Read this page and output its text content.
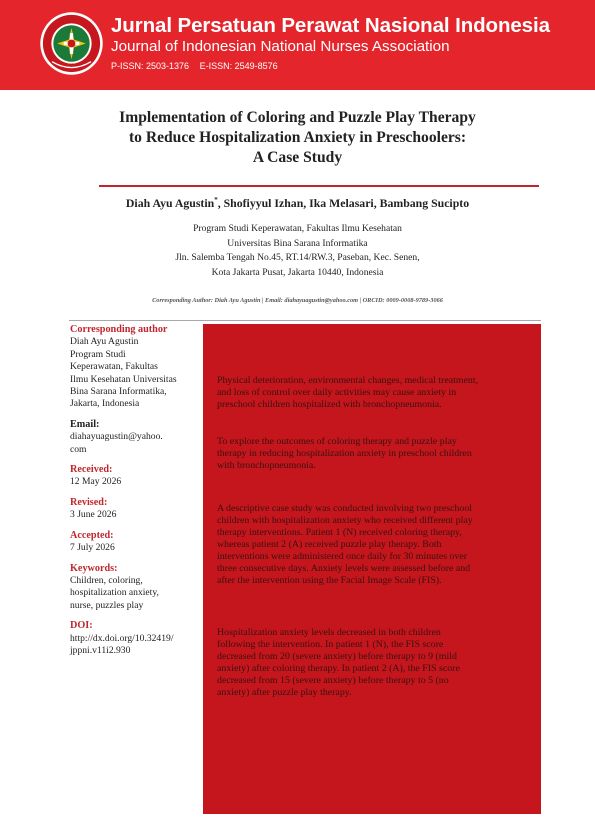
Jurnal Persatuan Perawat Nasional Indonesia
Journal of Indonesian National Nurses Association
P-ISSN: 2503-1376 E-ISSN: 2549-8576
Implementation of Coloring and Puzzle Play Therapy
to Reduce Hospitalization Anxiety in Preschoolers:
A Case Study
Diah Ayu Agustin*, Shofiyyul Izhan, Ika Melasari, Bambang Sucipto
Program Studi Keperawatan, Fakultas Ilmu Kesehatan
Universitas Bina Sarana Informatika
Jln. Salemba Tengah No.45, RT.14/RW.3, Paseban, Kec. Senen,
Kota Jakarta Pusat, Jakarta 10440, Indonesia
Corresponding Author: Diah Ayu Agustin | Email: diahayuagustin@yahoo.com | ORCID: 0009-0008-9789-3066
Corresponding author
Diah Ayu Agustin
Program Studi
Keperawatan, Fakultas
Ilmu Kesehatan Universitas
Bina Sarana Informatika,
Jakarta, Indonesia
Email:
diahayuagustin@yahoo.
com
Received:
12 May 2026
Revised:
3 June 2026
Accepted:
7 July 2026
Keywords:
Children, coloring,
hospitalization anxiety,
nurse, puzzles play
DOI:
http://dx.doi.org/10.32419/
jppni.v11i2.930
Physical deterioration, environmental changes, medical treatment,
and loss of control over daily activities may cause anxiety in
preschool children hospitalized with bronchopneumonia.
To explore the outcomes of coloring therapy and puzzle play
therapy in reducing hospitalization anxiety in preschool children
with bronchopneumonia.
A descriptive case study was conducted involving two preschool
children with hospitalization anxiety who received different play
therapy interventions. Patient 1 (N) received coloring therapy,
whereas patient 2 (A) received puzzle play therapy. Both
interventions were administered once daily for 30 minutes over
three consecutive days. Anxiety levels were assessed before and
after the intervention using the Facial Image Scale (FIS).
Hospitalization anxiety levels decreased in both children
following the intervention. In patient 1 (N), the FIS score
decreased from 20 (severe anxiety) before therapy to 9 (mild
anxiety) after coloring therapy. In patient 2 (A), the FIS score
decreased from 15 (severe anxiety) before therapy to 5 (no
anxiety) after puzzle play therapy.
